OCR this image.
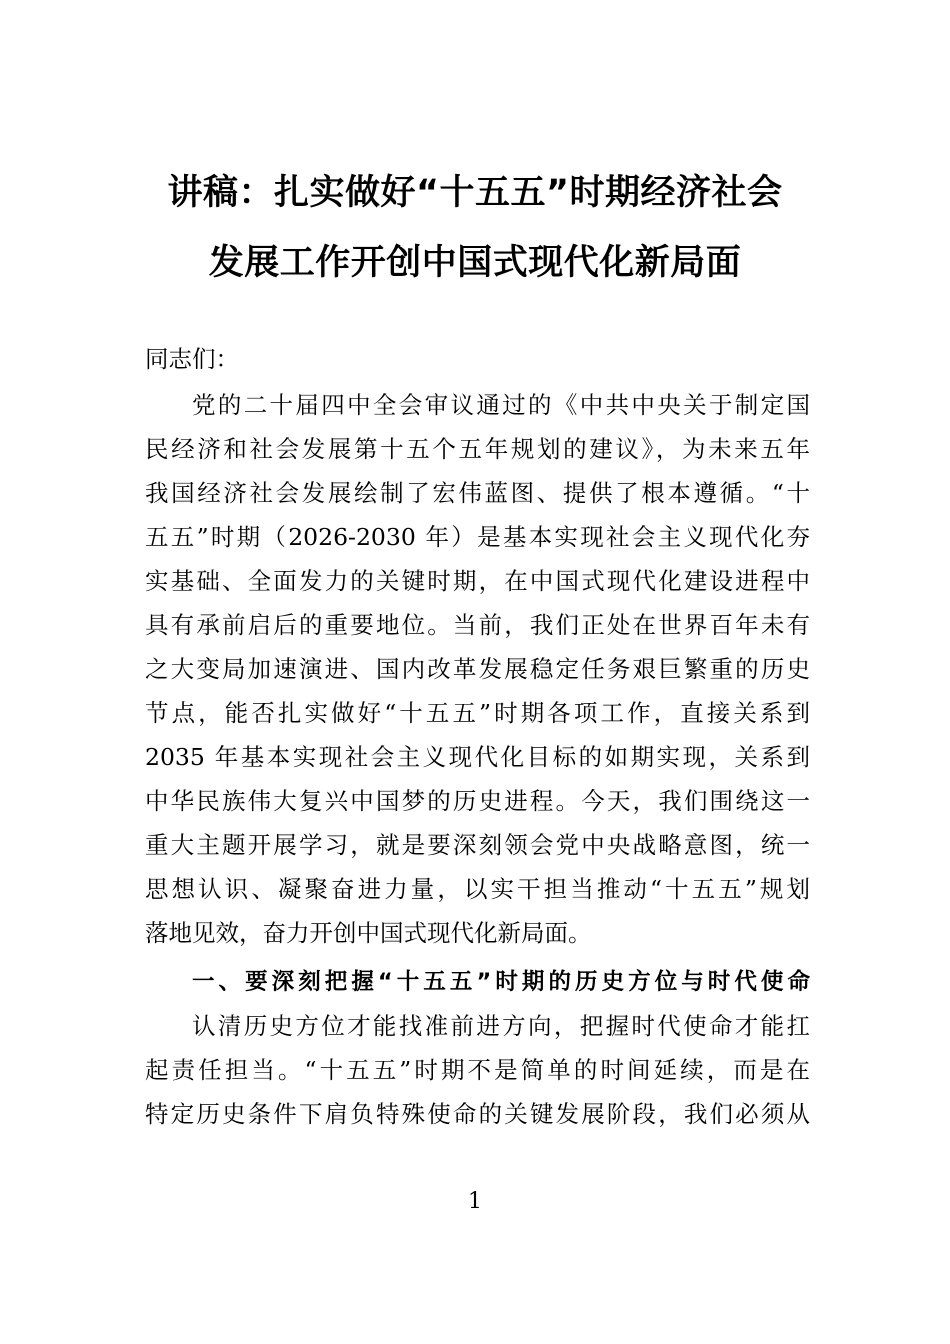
讲稿：扎实做好“十五五”时期经济社会
发展工作开创中国式现代化新局面
同志们：
党的二十届四中全会审议通过的《中共中央关于制定国
民经济和社会发展第十五个五年规划的建议》，为未来五年
我国经济社会发展绘制了宏伟蓝图、提供了根本遵循。“十
五五”时期（2026-2030 年）是基本实现社会主义现代化夯
实基础、全面发力的关键时期，在中国式现代化建设进程中
具有承前启后的重要地位。当前，我们正处在世界百年未有
之大变局加速演进、国内改革发展稳定任务艰巨繁重的历史
节点，能否扎实做好“十五五”时期各项工作，直接关系到
2035 年基本实现社会主义现代化目标的如期实现，关系到
中华民族伟大复兴中国梦的历史进程。今天，我们围绕这一
重大主题开展学习，就是要深刻领会党中央战略意图，统一
思想认识、凝聚奋进力量，以实干担当推动“十五五”规划
落地见效，奋力开创中国式现代化新局面。
一、要深刻把握“十五五”时期的历史方位与时代使命
认清历史方位才能找准前进方向，把握时代使命才能扛
起责任担当。“十五五”时期不是简单的时间延续，而是在
特定历史条件下肩负特殊使命的关键发展阶段，我们必须从
1
